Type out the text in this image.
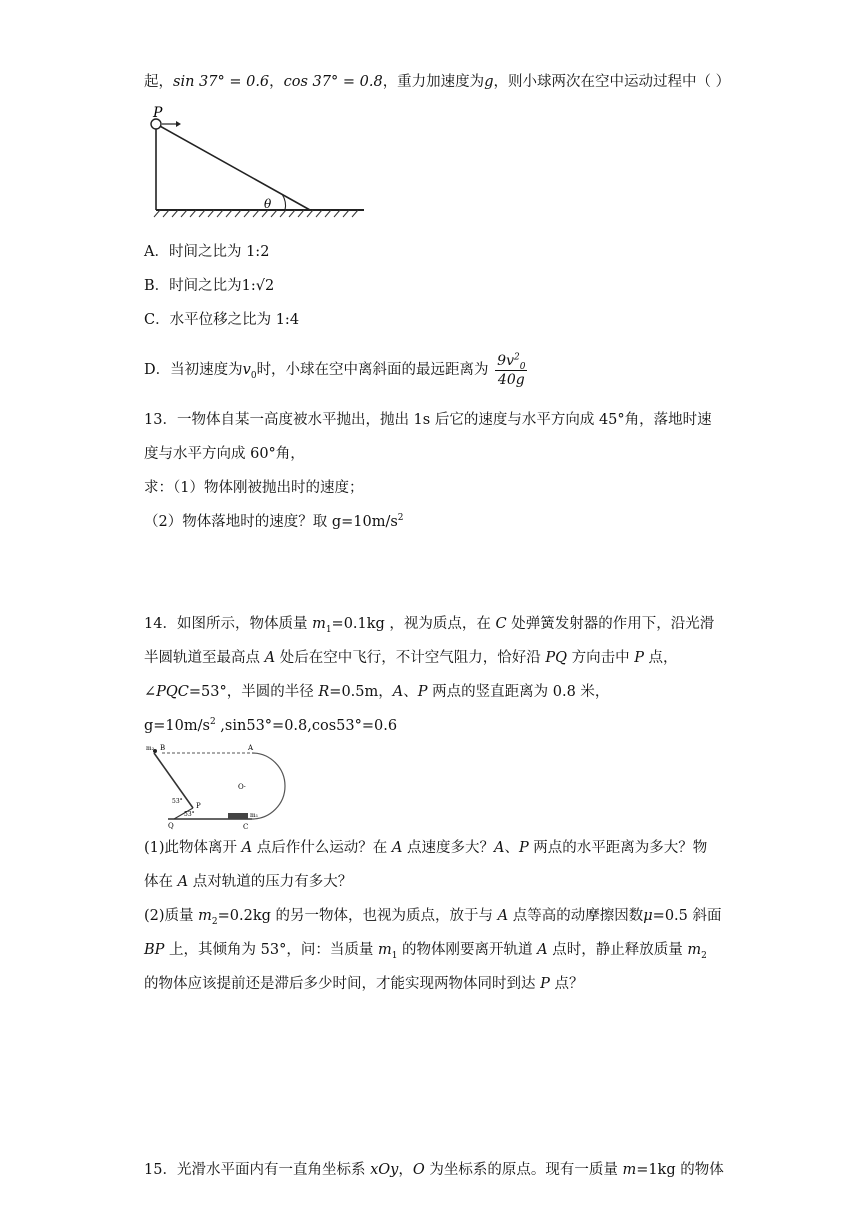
起，sin 37° = 0.6，cos 37° = 0.8，重力加速度为g，则小球两次在空中运动过程中（ ）
P
θ
A．时间之比为 1:2
B．时间之比为1:√2
C．水平位移之比为 1:4
D．当初速度为$v_0$时，小球在空中离斜面的最远距离为 $\frac{9v^2_0}{40g}$
13．一物体自某一高度被水平抛出，抛出 1s 后它的速度与水平方向成 45°角，落地时速
度与水平方向成 60°角，
求：（1）物体刚被抛出时的速度；
（2）物体落地时的速度？取 $g=10m/s^2$
14．如图所示，物体质量 $m_1=0.1kg$ ，视为质点，在 C 处弹簧发射器的作用下，沿光滑
半圆轨道至最高点 A 处后在空中飞行，不计空气阻力，恰好沿 PQ 方向击中 P 点，
∠PQC=53°，半圆的半径 R=0.5m，A、P 两点的竖直距离为 0.8 米，
$g=10m/s^2$ ,sin53°=0.8,cos53°=0.6
m₂ B	A
O·
53°
P
53°
Q	C
m₁
(1)此物体离开 A 点后作什么运动？在 A 点速度多大？A、P 两点的水平距离为多大？物
体在 A 点对轨道的压力有多大？
(2)质量 $m_2=0.2kg$ 的另一物体，也视为质点，放于与 A 点等高的动摩擦因数μ=0.5 斜面
BP 上，其倾角为 53°，问：当质量 $m_1$ 的物体刚要离开轨道 A 点时，静止释放质量 $m_2$
的物体应该提前还是滞后多少时间，才能实现两物体同时到达 P 点？
15．光滑水平面内有一直角坐标系 xOy，O 为坐标系的原点。现有一质量 m=1kg 的物体
